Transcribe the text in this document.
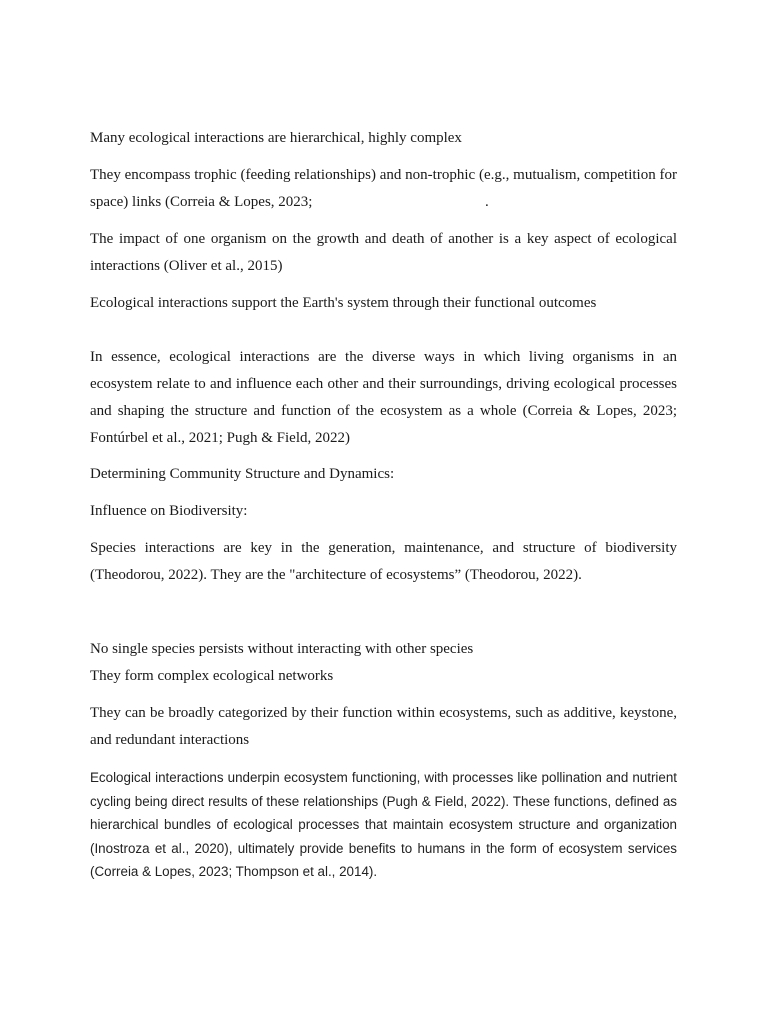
Many ecological interactions are hierarchical, highly complex

They encompass trophic (feeding relationships) and non-trophic (e.g., mutualism, competition for space) links (Correia & Lopes, 2023;                                              .

The impact of one organism on the growth and death of another is a key aspect of ecological interactions (Oliver et al., 2015)

Ecological interactions support the Earth's system through their functional outcomes

In essence, ecological interactions are the diverse ways in which living organisms in an ecosystem relate to and influence each other and their surroundings, driving ecological processes and shaping the structure and function of the ecosystem as a whole (Correia & Lopes, 2023; Fontúrbel et al., 2021; Pugh & Field, 2022)

Determining Community Structure and Dynamics:

Influence on Biodiversity:

Species interactions are key in the generation, maintenance, and structure of biodiversity (Theodorou, 2022). They are the "architecture of ecosystems” (Theodorou, 2022).

No single species persists without interacting with other species

They form complex ecological networks

They can be broadly categorized by their function within ecosystems, such as additive, keystone, and redundant interactions

Ecological interactions underpin ecosystem functioning, with processes like pollination and nutrient cycling being direct results of these relationships (Pugh & Field, 2022). These functions, defined as hierarchical bundles of ecological processes that maintain ecosystem structure and organization (Inostroza et al., 2020), ultimately provide benefits to humans in the form of ecosystem services (Correia & Lopes, 2023; Thompson et al., 2014).
